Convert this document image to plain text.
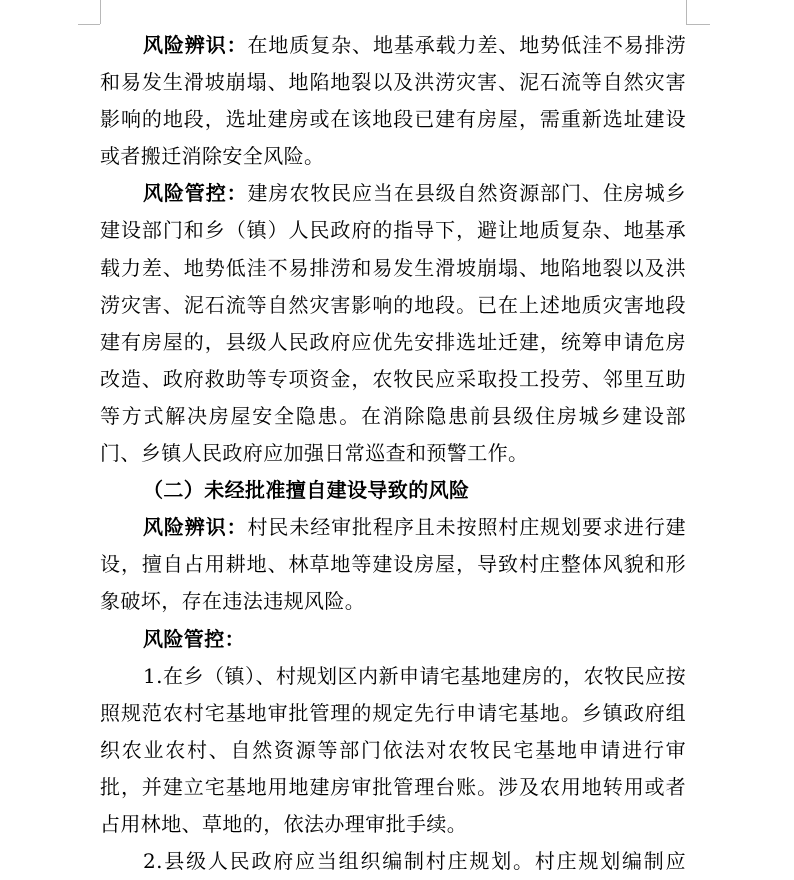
风险辨识：在地质复杂、地基承载力差、地势低洼不易排涝和易发生滑坡崩塌、地陷地裂以及洪涝灾害、泥石流等自然灾害影响的地段，选址建房或在该地段已建有房屋，需重新选址建设或者搬迁消除安全风险。

风险管控：建房农牧民应当在县级自然资源部门、住房城乡建设部门和乡（镇）人民政府的指导下，避让地质复杂、地基承载力差、地势低洼不易排涝和易发生滑坡崩塌、地陷地裂以及洪涝灾害、泥石流等自然灾害影响的地段。已在上述地质灾害地段建有房屋的，县级人民政府应优先安排选址迁建，统筹申请危房改造、政府救助等专项资金，农牧民应采取投工投劳、邻里互助等方式解决房屋安全隐患。在消除隐患前县级住房城乡建设部门、乡镇人民政府应加强日常巡查和预警工作。

（二）未经批准擅自建设导致的风险

风险辨识：村民未经审批程序且未按照村庄规划要求进行建设，擅自占用耕地、林草地等建设房屋，导致村庄整体风貌和形象破坏，存在违法违规风险。

风险管控：

1.在乡（镇）、村规划区内新申请宅基地建房的，农牧民应按照规范农村宅基地审批管理的规定先行申请宅基地。乡镇政府组织农业农村、自然资源等部门依法对农牧民宅基地申请进行审批，并建立宅基地用地建房审批管理台账。涉及农用地转用或者占用林地、草地的，依法办理审批手续。

2.县级人民政府应当组织编制村庄规划。村庄规划编制应
